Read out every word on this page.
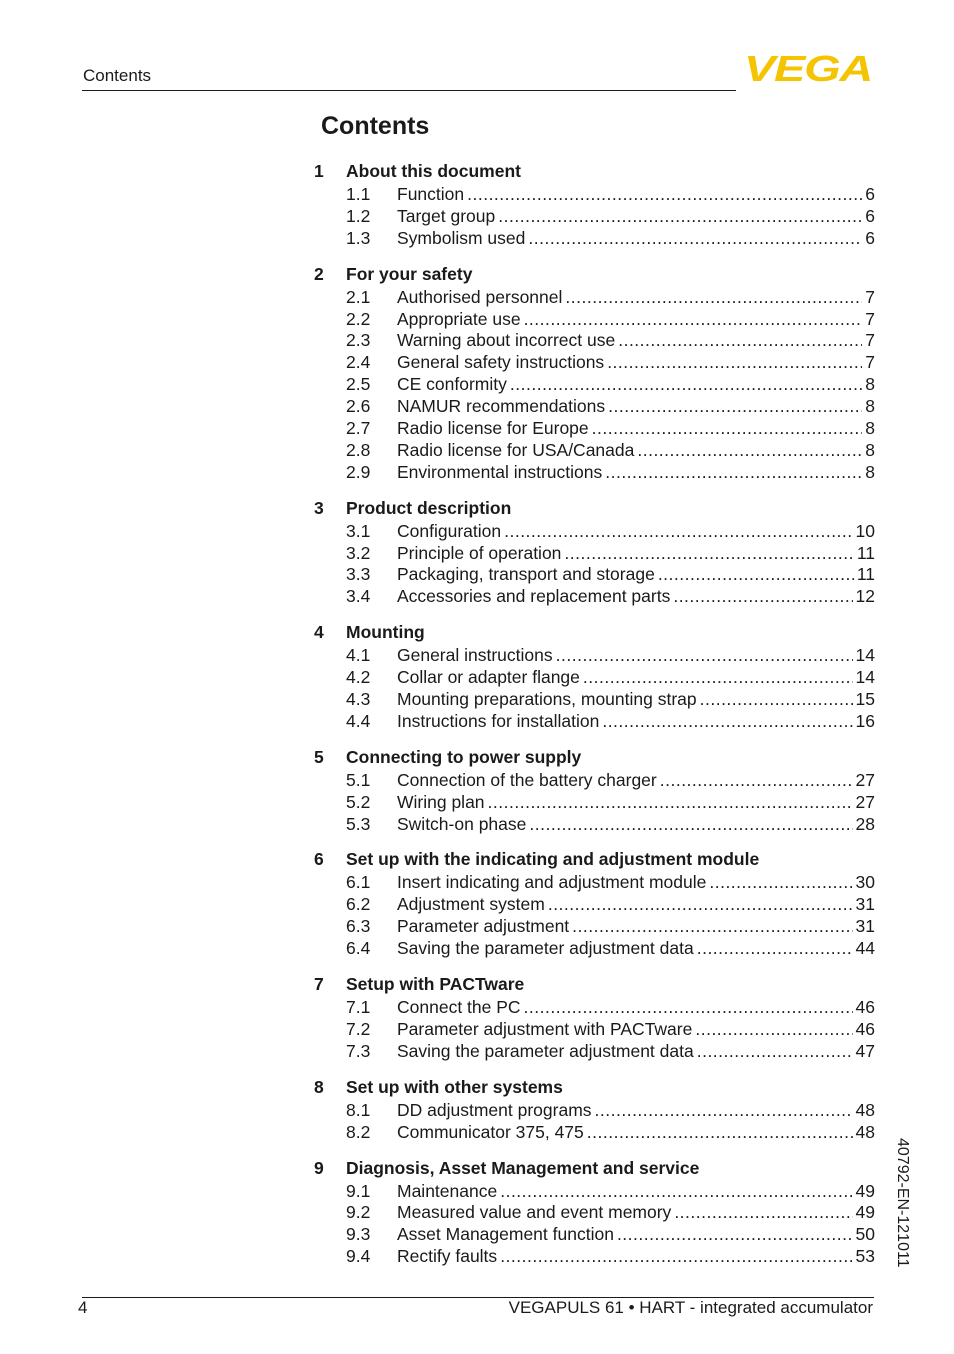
Contents	VEGA
Contents
1	About this document
1.1	Function .....	6
1.2	Target group .....	6
1.3	Symbolism used .....	6
2	For your safety
2.1	Authorised personnel .....	7
2.2	Appropriate use .....	7
2.3	Warning about incorrect use .....	7
2.4	General safety instructions .....	7
2.5	CE conformity .....	8
2.6	NAMUR recommendations .....	8
2.7	Radio license for Europe .....	8
2.8	Radio license for USA/Canada .....	8
2.9	Environmental instructions .....	8
3	Product description
3.1	Configuration .....	10
3.2	Principle of operation .....	11
3.3	Packaging, transport and storage .....	11
3.4	Accessories and replacement parts .....	12
4	Mounting
4.1	General instructions .....	14
4.2	Collar or adapter flange .....	14
4.3	Mounting preparations, mounting strap .....	15
4.4	Instructions for installation .....	16
5	Connecting to power supply
5.1	Connection of the battery charger .....	27
5.2	Wiring plan .....	27
5.3	Switch-on phase .....	28
6	Set up with the indicating and adjustment module
6.1	Insert indicating and adjustment module .....	30
6.2	Adjustment system .....	31
6.3	Parameter adjustment .....	31
6.4	Saving the parameter adjustment data .....	44
7	Setup with PACTware
7.1	Connect the PC .....	46
7.2	Parameter adjustment with PACTware .....	46
7.3	Saving the parameter adjustment data .....	47
8	Set up with other systems
8.1	DD adjustment programs .....	48
8.2	Communicator 375, 475 .....	48
9	Diagnosis, Asset Management and service
9.1	Maintenance .....	49
9.2	Measured value and event memory .....	49
9.3	Asset Management function .....	50
9.4	Rectify faults .....	53 40792-EN-121011
4	VEGAPULS 61 • HART - integrated accumulator
